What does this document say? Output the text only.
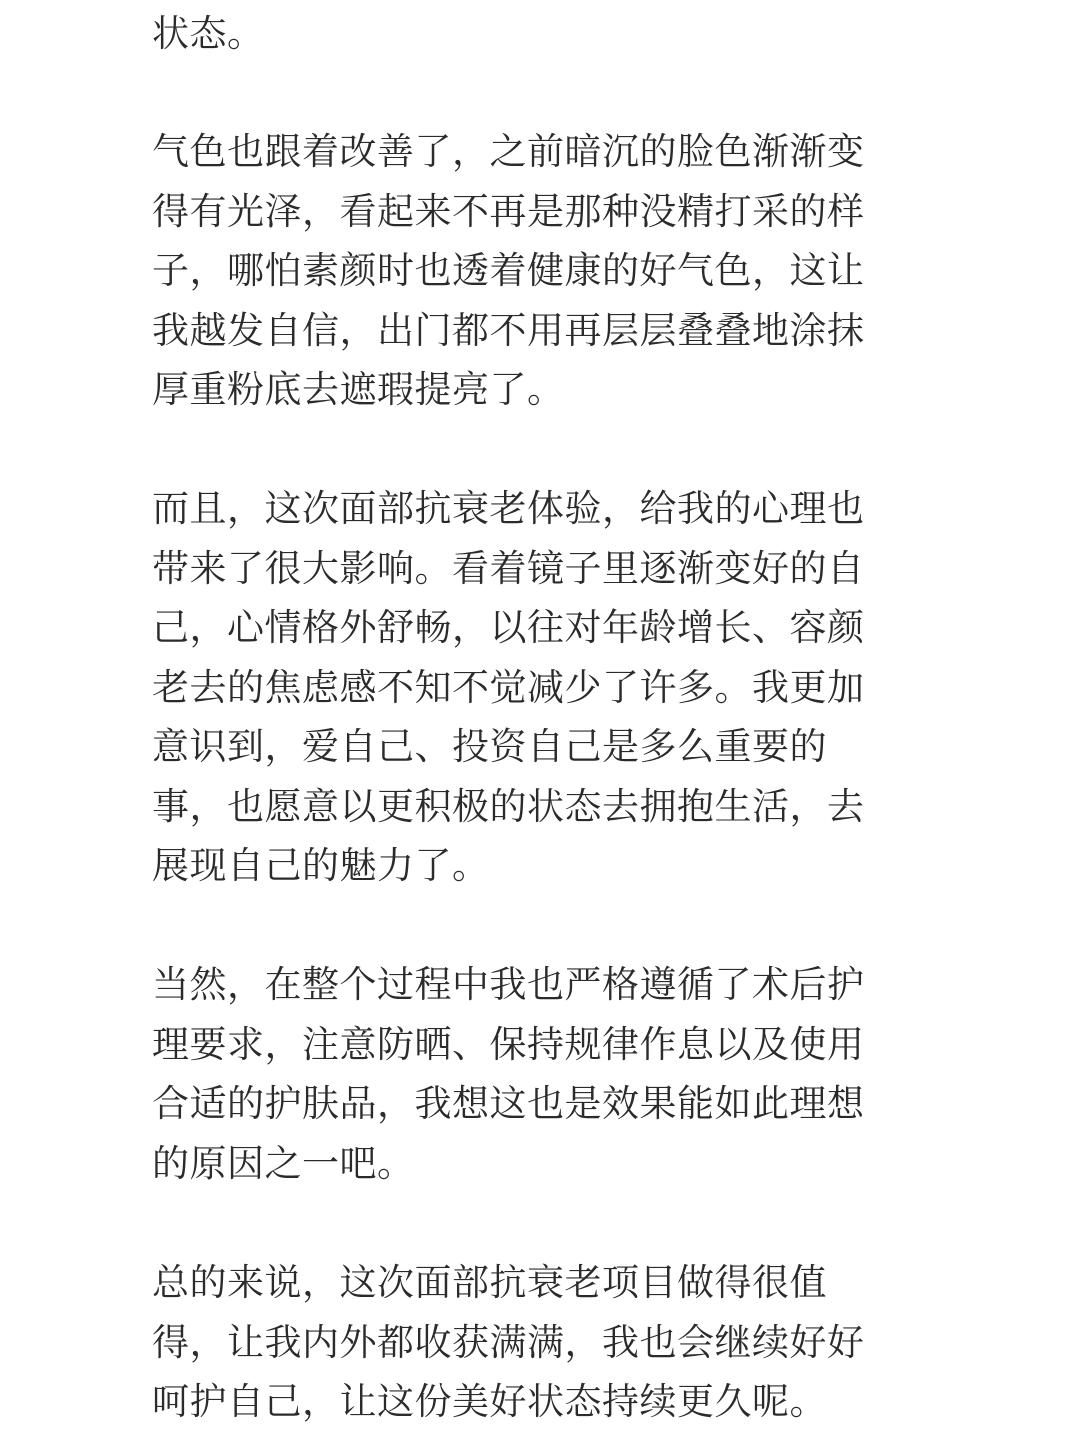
状态。
气色也跟着改善了，之前暗沉的脸色渐渐变
得有光泽，看起来不再是那种没精打采的样
子，哪怕素颜时也透着健康的好气色，这让
我越发自信，出门都不用再层层叠叠地涂抹
厚重粉底去遮瑕提亮了。
而且，这次面部抗衰老体验，给我的心理也
带来了很大影响。看着镜子里逐渐变好的自
己，心情格外舒畅，以往对年龄增长、容颜
老去的焦虑感不知不觉减少了许多。我更加
意识到，爱自己、投资自己是多么重要的
事，也愿意以更积极的状态去拥抱生活，去
展现自己的魅力了。
当然，在整个过程中我也严格遵循了术后护
理要求，注意防晒、保持规律作息以及使用
合适的护肤品，我想这也是效果能如此理想
的原因之一吧。
总的来说，这次面部抗衰老项目做得很值
得，让我内外都收获满满，我也会继续好好
呵护自己，让这份美好状态持续更久呢。
